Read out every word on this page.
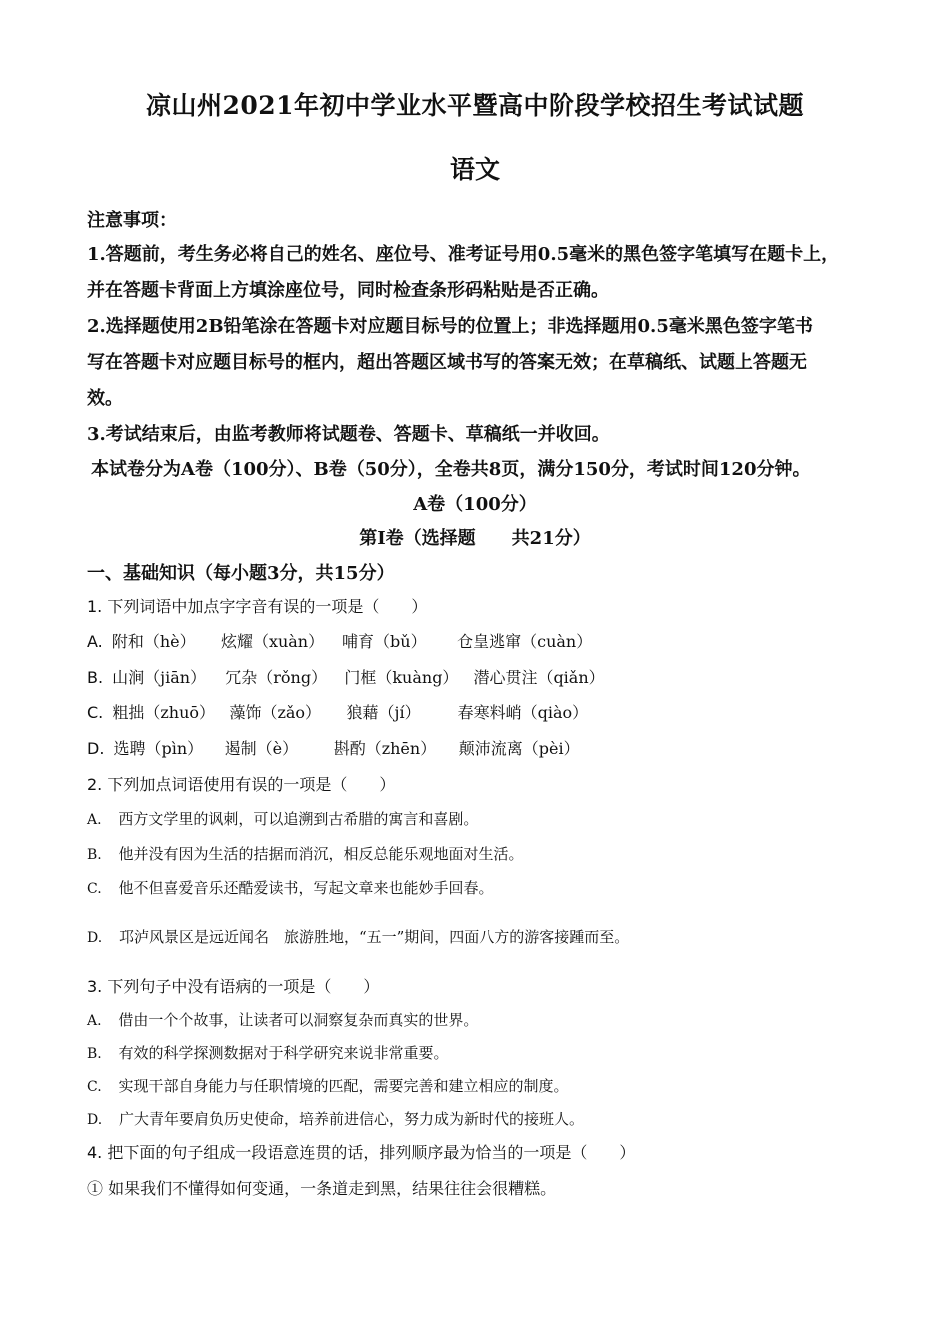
凉山州2021年初中学业水平暨高中阶段学校招生考试试题
语文
注意事项：
1.答题前，考生务必将自己的姓名、座位号、准考证号用0.5毫米的黑色签字笔填写在题卡上，
并在答题卡背面上方填涂座位号，同时检查条形码粘贴是否正确。
2.选择题使用2B铅笔涂在答题卡对应题目标号的位置上；非选择题用0.5毫米黑色签字笔书
写在答题卡对应题目标号的框内，超出答题区域书写的答案无效；在草稿纸、试题上答题无
效。
3.考试结束后，由监考教师将试题卷、答题卡、草稿纸一并收回。
本试卷分为A卷（100分）、B卷（50分），全卷共8页，满分150分，考试时间120分钟。
A卷（100分）
第Ⅰ卷（选择题　　共21分）
一、基础知识（每小题3分，共15分）
1. 下列词语中加点字字音有误的一项是（　　）
A. 附和（hè） 炫耀（xuàn） 哺育（bǔ） 仓皇逃窜（cuàn）
B. 山涧（jiān） 冗杂（rǒng） 门框（kuàng） 潜心贯注（qiǎn）
C. 粗拙（zhuō） 藻饰（zǎo） 狼藉（jí） 春寒料峭（qiào）
D. 选聘（pìn） 遏制（è） 斟酌（zhēn） 颠沛流离（pèi）
2. 下列加点词语使用有误的一项是（　　）
A. 西方文学里的讽刺，可以追溯到古希腊的寓言和喜剧。
B. 他并没有因为生活的拮据而消沉，相反总能乐观地面对生活。
C. 他不但喜爱音乐还酷爱读书，写起文章来也能妙手回春。
D. 邛泸风景区是远近闻名　旅游胜地，“五一”期间，四面八方的游客接踵而至。
3. 下列句子中没有语病的一项是（　　）
A. 借由一个个故事，让读者可以洞察复杂而真实的世界。
B. 有效的科学探测数据对于科学研究来说非常重要。
C. 实现干部自身能力与任职情境的匹配，需要完善和建立相应的制度。
D. 广大青年要肩负历史使命，培养前进信心，努力成为新时代的接班人。
4. 把下面的句子组成一段语意连贯的话，排列顺序最为恰当的一项是（　　）
① 如果我们不懂得如何变通，一条道走到黑，结果往往会很糟糕。
